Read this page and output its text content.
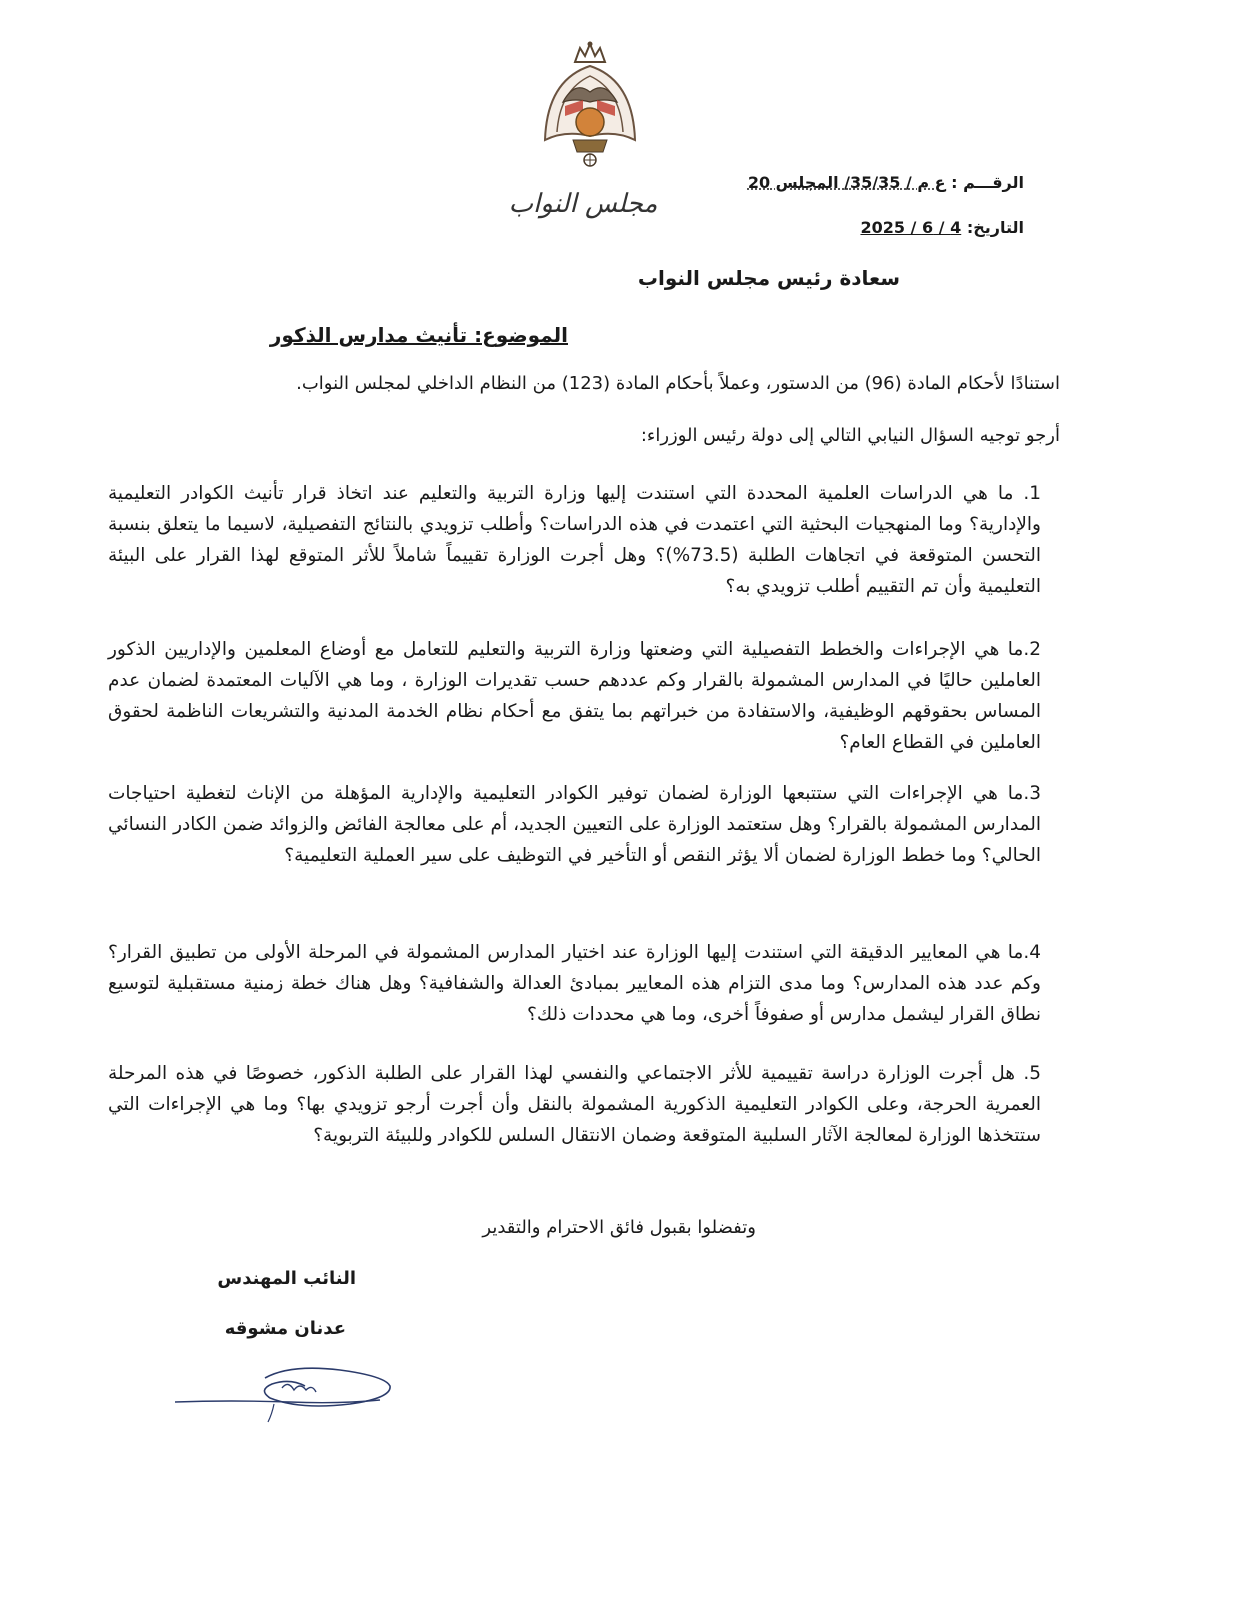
مجلس النواب
الرقـــم : ع م / 35/35/ المجلس 20
التاريخ: 4 / 6 / 2025
سعادة رئيس مجلس النواب
الموضوع: تأنيث مدارس الذكور
استنادًا لأحكام المادة (96) من الدستور، وعملاً بأحكام المادة (123) من النظام الداخلي لمجلس النواب.
أرجو توجيه السؤال النيابي التالي إلى دولة رئيس الوزراء:
1. ما هي الدراسات العلمية المحددة التي استندت إليها وزارة التربية والتعليم عند اتخاذ قرار تأنيث الكوادر التعليمية والإدارية؟ وما المنهجيات البحثية التي اعتمدت في هذه الدراسات؟ وأطلب تزويدي بالنتائج التفصيلية، لاسيما ما يتعلق بنسبة التحسن المتوقعة في اتجاهات الطلبة (73.5%)؟ وهل أجرت الوزارة تقييماً شاملاً للأثر المتوقع لهذا القرار على البيئة التعليمية وأن تم التقييم أطلب تزويدي به؟
2.ما هي الإجراءات والخطط التفصيلية التي وضعتها وزارة التربية والتعليم للتعامل مع أوضاع المعلمين والإداريين الذكور العاملين حاليًا في المدارس المشمولة بالقرار وكم عددهم حسب تقديرات الوزارة ، وما هي الآليات المعتمدة لضمان عدم المساس بحقوقهم الوظيفية، والاستفادة من خبراتهم بما يتفق مع أحكام نظام الخدمة المدنية والتشريعات الناظمة لحقوق العاملين في القطاع العام؟
3.ما هي الإجراءات التي ستتبعها الوزارة لضمان توفير الكوادر التعليمية والإدارية المؤهلة من الإناث لتغطية احتياجات المدارس المشمولة بالقرار؟ وهل ستعتمد الوزارة على التعيين الجديد، أم على معالجة الفائض والزوائد ضمن الكادر النسائي الحالي؟ وما خطط الوزارة لضمان ألا يؤثر النقص أو التأخير في التوظيف على سير العملية التعليمية؟
4.ما هي المعايير الدقيقة التي استندت إليها الوزارة عند اختيار المدارس المشمولة في المرحلة الأولى من تطبيق القرار؟ وكم عدد هذه المدارس؟ وما مدى التزام هذه المعايير بمبادئ العدالة والشفافية؟ وهل هناك خطة زمنية مستقبلية لتوسيع نطاق القرار ليشمل مدارس أو صفوفاً أخرى، وما هي محددات ذلك؟
5. هل أجرت الوزارة دراسة تقييمية للأثر الاجتماعي والنفسي لهذا القرار على الطلبة الذكور، خصوصًا في هذه المرحلة العمرية الحرجة، وعلى الكوادر التعليمية الذكورية المشمولة بالنقل وأن أجرت أرجو تزويدي بها؟ وما هي الإجراءات التي ستتخذها الوزارة لمعالجة الآثار السلبية المتوقعة وضمان الانتقال السلس للكوادر وللبيئة التربوية؟
وتفضلوا بقبول فائق الاحترام والتقدير
النائب المهندس
عدنان مشوقه
